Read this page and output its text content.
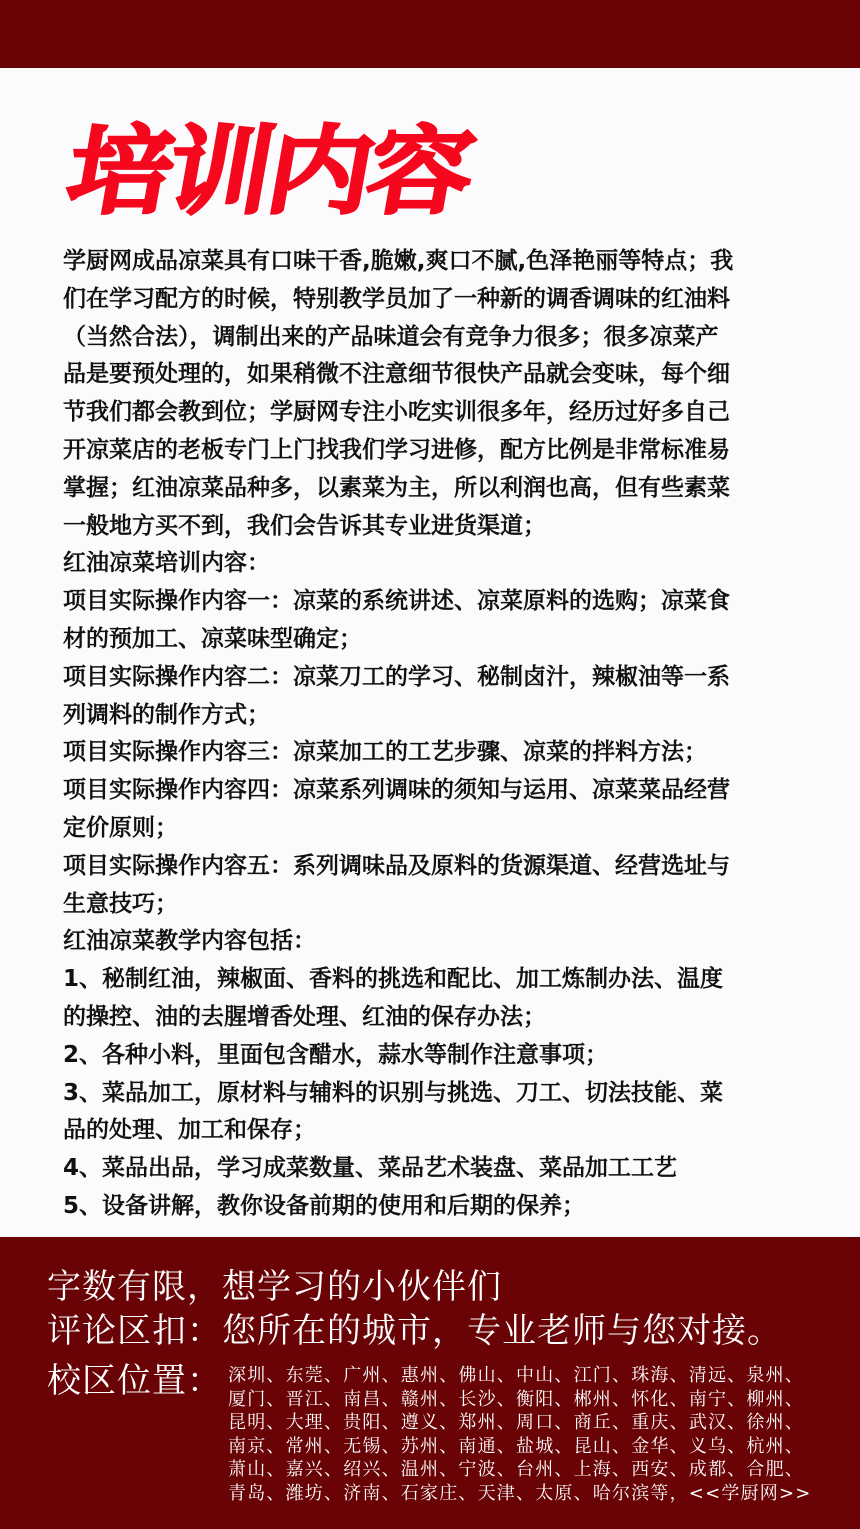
培训内容
学厨网成品凉菜具有口味干香,脆嫩,爽口不腻,色泽艳丽等特点；我
们在学习配方的时候，特别教学员加了一种新的调香调味的红油料
（当然合法），调制出来的产品味道会有竞争力很多；很多凉菜产
品是要预处理的，如果稍微不注意细节很快产品就会变味，每个细
节我们都会教到位；学厨网专注小吃实训很多年，经历过好多自己
开凉菜店的老板专门上门找我们学习进修，配方比例是非常标准易
掌握；红油凉菜品种多，以素菜为主，所以利润也高，但有些素菜
一般地方买不到，我们会告诉其专业进货渠道；
红油凉菜培训内容：
项目实际操作内容一：凉菜的系统讲述、凉菜原料的选购；凉菜食
材的预加工、凉菜味型确定；
项目实际操作内容二：凉菜刀工的学习、秘制卤汁，辣椒油等一系
列调料的制作方式；
项目实际操作内容三：凉菜加工的工艺步骤、凉菜的拌料方法；
项目实际操作内容四：凉菜系列调味的须知与运用、凉菜菜品经营
定价原则；
项目实际操作内容五：系列调味品及原料的货源渠道、经营选址与
生意技巧；
红油凉菜教学内容包括：
1、秘制红油，辣椒面、香料的挑选和配比、加工炼制办法、温度
的操控、油的去腥增香处理、红油的保存办法；
2、各种小料，里面包含醋水，蒜水等制作注意事项；
3、菜品加工，原材料与辅料的识别与挑选、刀工、切法技能、菜
品的处理、加工和保存；
4、菜品出品，学习成菜数量、菜品艺术装盘、菜品加工工艺
5、设备讲解，教你设备前期的使用和后期的保养；
字数有限，想学习的小伙伴们
评论区扣：您所在的城市，专业老师与您对接。
校区位置： 深圳、东莞、广州、惠州、佛山、中山、江门、珠海、清远、泉州、
厦门、晋江、南昌、赣州、长沙、衡阳、郴州、怀化、南宁、柳州、
昆明、大理、贵阳、遵义、郑州、周口、商丘、重庆、武汉、徐州、
南京、常州、无锡、苏州、南通、盐城、昆山、金华、义乌、杭州、
萧山、嘉兴、绍兴、温州、宁波、台州、上海、西安、成都、合肥、
青岛、潍坊、济南、石家庄、天津、太原、哈尔滨等，<<学厨网>>
